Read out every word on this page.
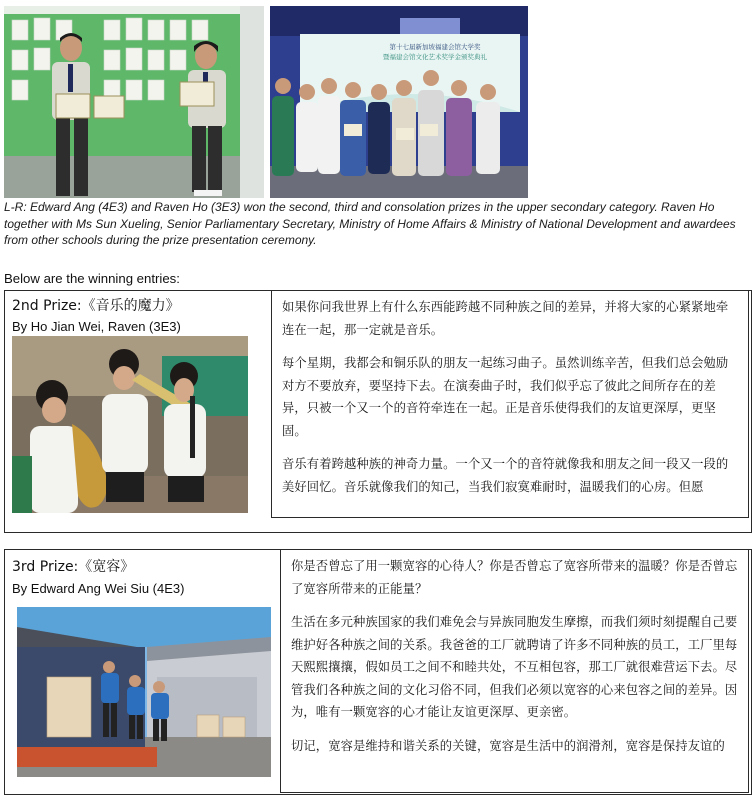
第十七届新加坡福建会馆大学奖
暨福建会馆文化艺术奖学金颁奖典礼
L-R: Edward Ang (4E3) and Raven Ho (3E3) won the second, third and consolation prizes in the upper secondary category. Raven Ho together with Ms Sun Xueling, Senior Parliamentary Secretary, Ministry of Home Affairs & Ministry of National Development and awardees from other schools during the prize presentation ceremony.
Below are the winning entries:
2nd Prize:《音乐的魔力》
By Ho Jian Wei, Raven (3E3)

如果你问我世界上有什么东西能跨越不同种族之间的差异，并将大家的心紧紧地牵连在一起，那一定就是音乐。

每个星期，我都会和铜乐队的朋友一起练习曲子。虽然训练辛苦，但我们总会勉励对方不要放弃，要坚持下去。在演奏曲子时，我们似乎忘了彼此之间所存在的差异，只被一个又一个的音符牵连在一起。正是音乐使得我们的友谊更深厚，更坚固。

音乐有着跨越种族的神奇力量。一个又一个的音符就像我和朋友之间一段又一段的美好回忆。音乐就像我们的知己，当我们寂寞难耐时，温暖我们的心房。但愿

3rd Prize:《宽容》
By Edward Ang Wei Siu (4E3)

你是否曾忘了用一颗宽容的心待人？你是否曾忘了宽容所带来的温暖？你是否曾忘了宽容所带来的正能量？

生活在多元种族国家的我们难免会与异族同胞发生摩擦，而我们须时刻提醒自己要维护好各种族之间的关系。我爸爸的工厂就聘请了许多不同种族的员工，工厂里每天熙熙攘攘，假如员工之间不和睦共处，不互相包容，那工厂就很难营运下去。尽管我们各种族之间的文化习俗不同，但我们必须以宽容的心来包容之间的差异。因为，唯有一颗宽容的心才能让友谊更深厚、更亲密。

切记，宽容是维持和谐关系的关键，宽容是生活中的润滑剂，宽容是保持友谊的
